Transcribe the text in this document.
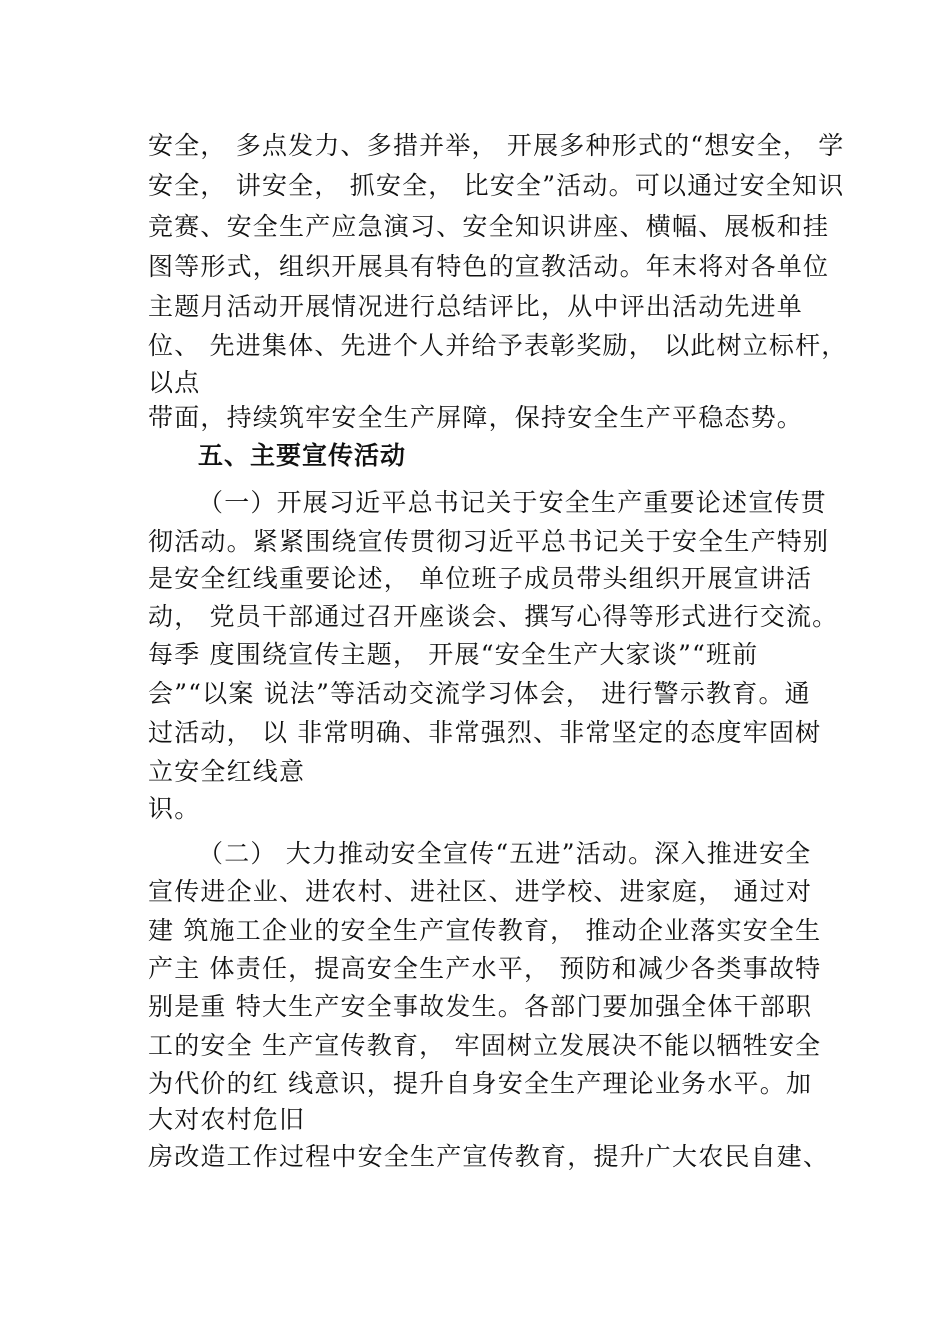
安全， 多点发力、多措并举， 开展多种形式的“想安全， 学
安全， 讲安全， 抓安全， 比安全”活动。可以通过安全知识
竞赛、安全生产应急演习、安全知识讲座、横幅、展板和挂
图等形式，组织开展具有特色的宣教活动。年末将对各单位
主题月活动开展情况进行总结评比，从中评出活动先进单
位、 先进集体、先进个人并给予表彰奖励， 以此树立标杆，
以点
带面，持续筑牢安全生产屏障，保持安全生产平稳态势。
五、主要宣传活动
（一）开展习近平总书记关于安全生产重要论述宣传贯
彻活动。紧紧围绕宣传贯彻习近平总书记关于安全生产特别
是安全红线重要论述， 单位班子成员带头组织开展宣讲活
动， 党员干部通过召开座谈会、撰写心得等形式进行交流。
每季 度围绕宣传主题， 开展“安全生产大家谈”“班前
会”“以案 说法”等活动交流学习体会， 进行警示教育。通
过活动， 以 非常明确、非常强烈、非常坚定的态度牢固树
立安全红线意
识。
（二） 大力推动安全宣传“五进”活动。深入推进安全
宣传进企业、进农村、进社区、进学校、进家庭， 通过对
建 筑施工企业的安全生产宣传教育， 推动企业落实安全生
产主 体责任，提高安全生产水平， 预防和减少各类事故特
别是重 特大生产安全事故发生。各部门要加强全体干部职
工的安全 生产宣传教育， 牢固树立发展决不能以牺牲安全
为代价的红 线意识，提升自身安全生产理论业务水平。加
大对农村危旧
房改造工作过程中安全生产宣传教育，提升广大农民自建、
